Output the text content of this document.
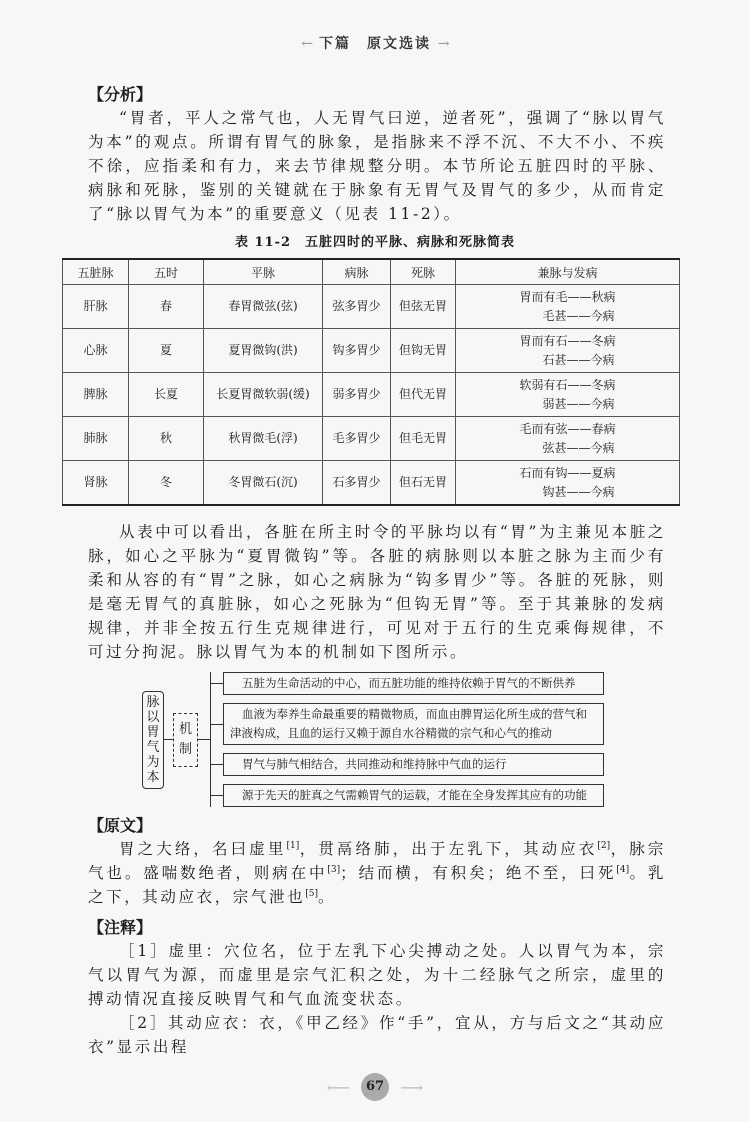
← 下篇　原文选读 →
【分析】
“胃者，平人之常气也，人无胃气曰逆，逆者死”，强调了“脉以胃气为本”的观点。所谓有胃气的脉象，是指脉来不浮不沉、不大不小、不疾不徐，应指柔和有力，来去节律规整分明。本节所论五脏四时的平脉、病脉和死脉，鉴别的关键就在于脉象有无胃气及胃气的多少，从而肯定了“脉以胃气为本”的重要意义（见表 11-2）。
表 11-2　五脏四时的平脉、病脉和死脉简表
五脏脉	五时	平脉	病脉	死脉	兼脉与发病
肝脉	春	春胃微弦(弦)	弦多胃少	但弦无胃	胃而有毛——秋病
毛甚——今病

心脉	夏	夏胃微钩(洪)	钩多胃少	但钩无胃	胃而有石——冬病
石甚——今病

脾脉	长夏	长夏胃微软弱(缓)	弱多胃少	但代无胃	软弱有石——冬病
弱甚——今病

肺脉	秋	秋胃微毛(浮)	毛多胃少	但毛无胃	毛而有弦——春病
弦甚——今病

肾脉	冬	冬胃微石(沉)	石多胃少	但石无胃	石而有钩——夏病
钩甚——今病
从表中可以看出，各脏在所主时令的平脉均以有“胃”为主兼见本脏之脉，如心之平脉为“夏胃微钩”等。各脏的病脉则以本脏之脉为主而少有柔和从容的有“胃”之脉，如心之病脉为“钩多胃少”等。各脏的死脉，则是毫无胃气的真脏脉，如心之死脉为“但钩无胃”等。至于其兼脉的发病规律，并非全按五行生克规律进行，可见对于五行的生克乘侮规律，不可过分拘泥。脉以胃气为本的机制如下图所示。
脉以胃气为本
机制
五脏为生命活动的中心，而五脏功能的维持依赖于胃气的不断供养
血液为奉养生命最重要的精微物质，而血由脾胃运化所生成的营气和津液构成，且血的运行又赖于源自水谷精微的宗气和心气的推动
胃气与肺气相结合，共同推动和维持脉中气血的运行
源于先天的脏真之气需赖胃气的运载，才能在全身发挥其应有的功能
【原文】
胃之大络，名曰虚里[1]，贯鬲络肺，出于左乳下，其动应衣[2]，脉宗气也。盛喘数绝者，则病在中[3]；结而横，有积矣；绝不至，曰死[4]。乳之下，其动应衣，宗气泄也[5]。
【注释】
［1］虚里：穴位名，位于左乳下心尖搏动之处。人以胃气为本，宗气以胃气为源，而虚里是宗气汇积之处，为十二经脉气之所宗，虚里的搏动情况直接反映胃气和气血流变状态。
［2］其动应衣：衣，《甲乙经》作“手”，宜从，方与后文之“其动应衣”显示出程
⟵ 67 ⟶
